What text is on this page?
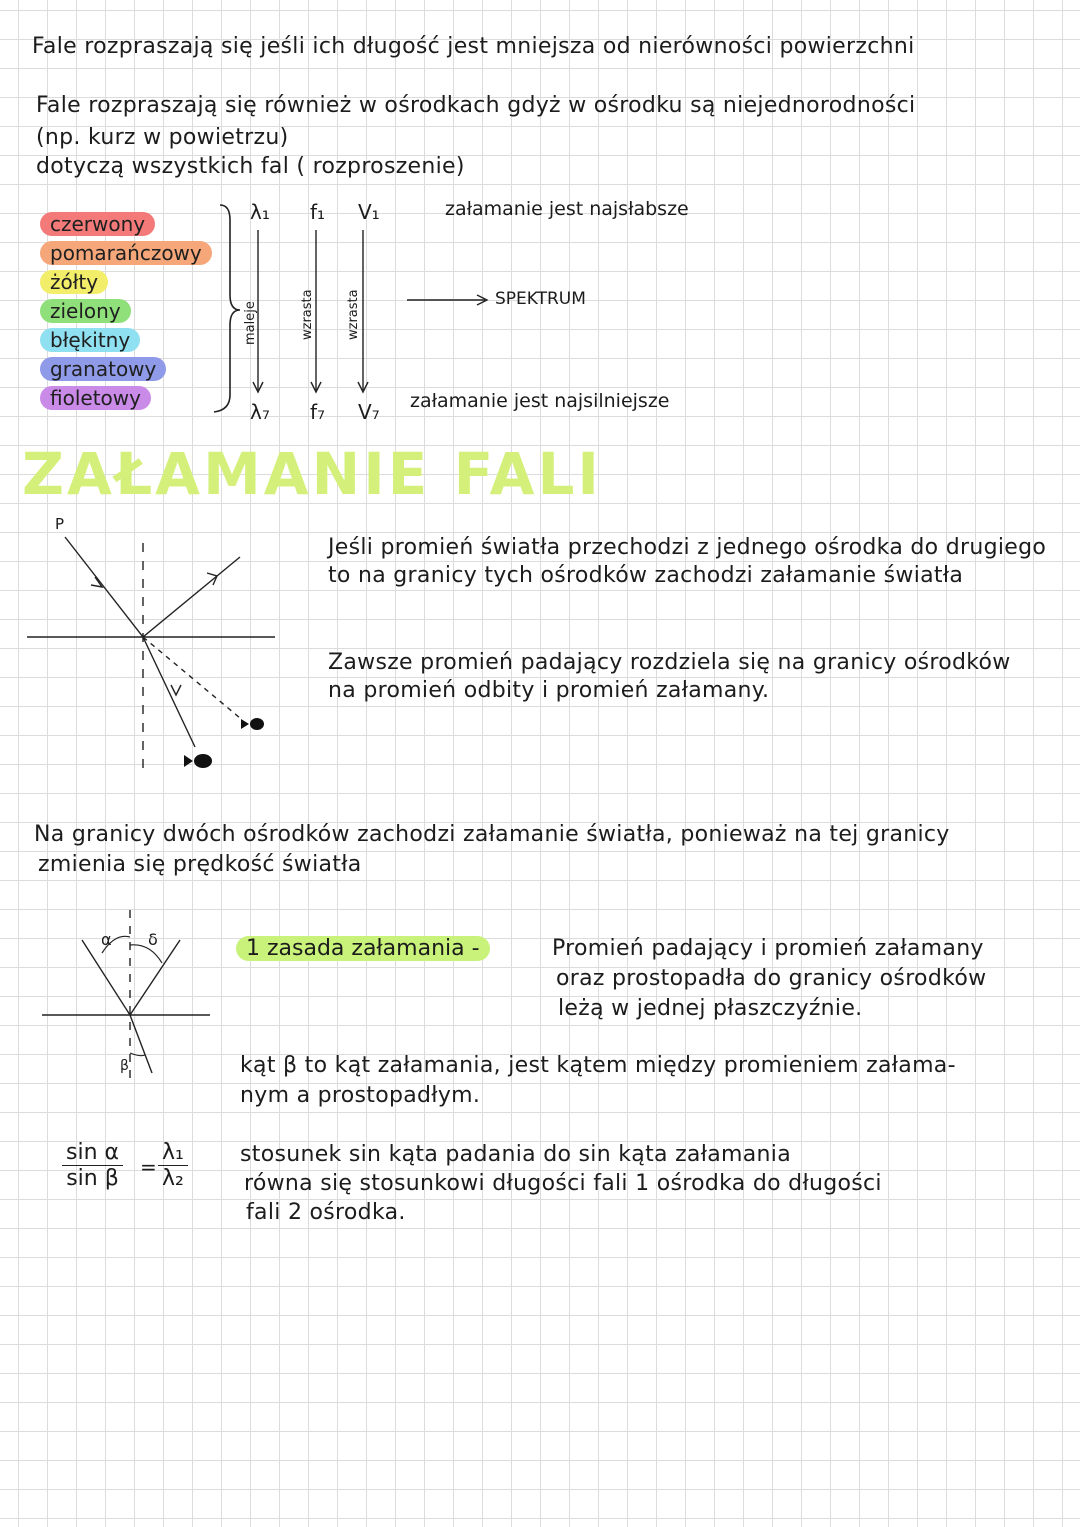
Fale rozpraszają się jeśli ich długość jest mniejsza od nierówności powierzchni
Fale rozpraszają się również w ośrodkach gdyż w ośrodku są niejednorodności
(np. kurz w powietrzu)
dotyczą wszystkich fal ( rozproszenie)
czerwony
pomarańczowy
żółty
zielony
błękitny
granatowy
fioletowy
λ₁ f₁ V₁
λ₇ f₇ V₇
maleje	wzrasta wzrasta
załamanie jest najsłabsze
załamanie jest najsilniejsze
SPEKTRUM
ZAŁAMANIE FALI
P
Jeśli promień światła przechodzi z jednego ośrodka do drugiego
to na granicy tych ośrodków zachodzi załamanie światła
Zawsze promień padający rozdziela się na granicy ośrodków
na promień odbity i promień załamany.
Na granicy dwóch ośrodków zachodzi załamanie światła, ponieważ na tej granicy
zmienia się prędkość światła
α δ
β
1 zasada załamania -	Promień padający i promień załamany
oraz prostopadła do granicy ośrodków
leżą w jednej płaszczyźnie.
kąt β to kąt załamania, jest kątem między promieniem załama-
nym a prostopadłym.
$\frac{\text{sin α}}{\text{sin β}} = \frac{\text{λ₁}}{\text{λ₂}}$ stosunek sin kąta padania do sin kąta załamania
równa się stosunkowi długości fali 1 ośrodka do długości
fali 2 ośrodka.
